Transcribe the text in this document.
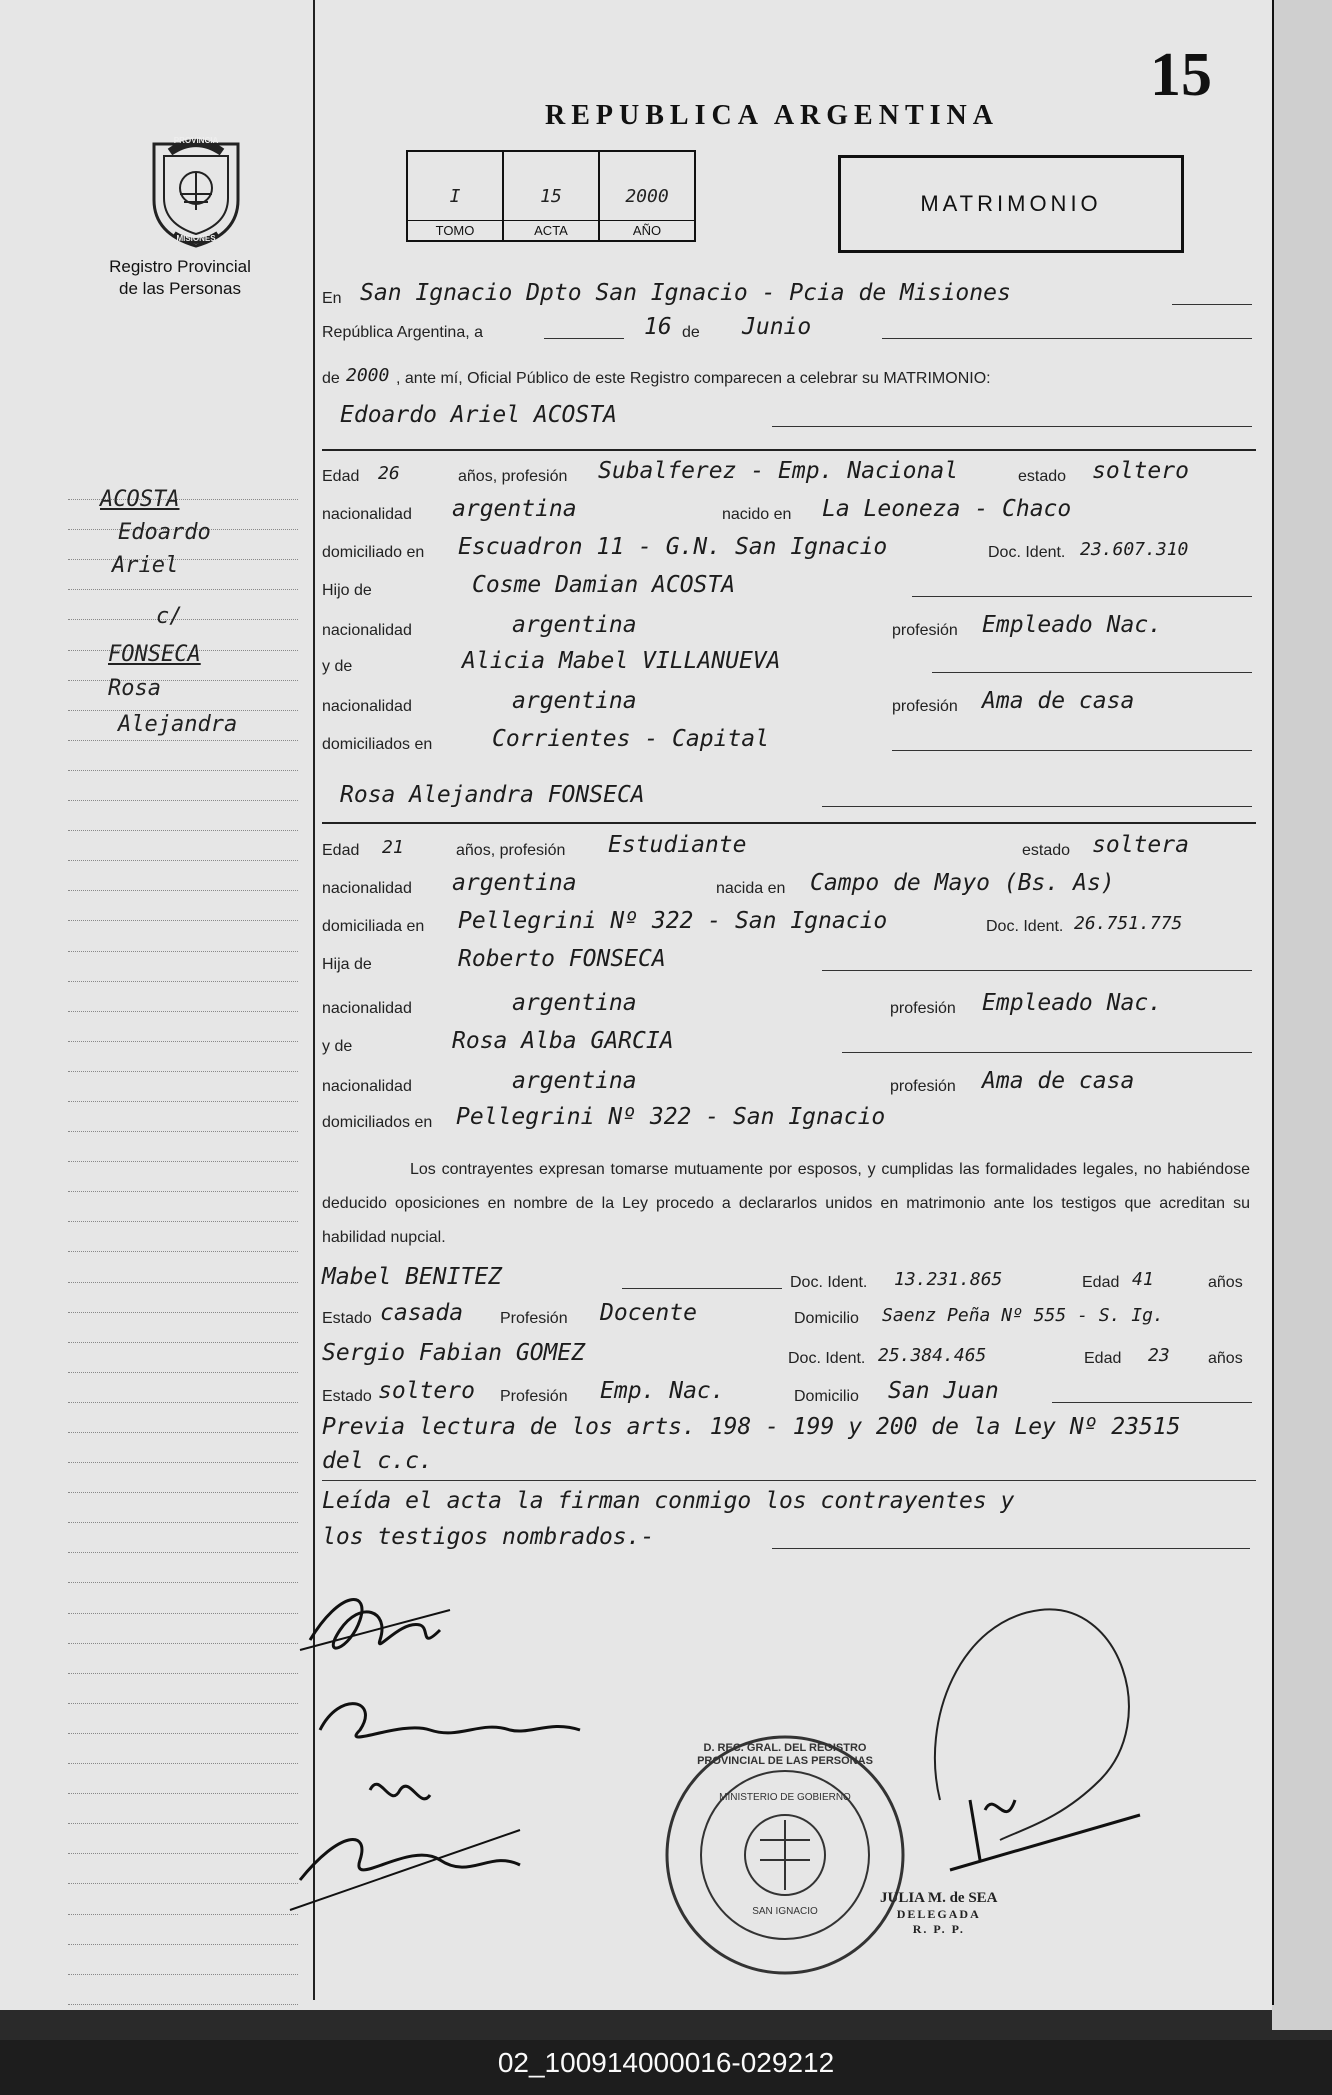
15
REPUBLICA ARGENTINA
I
TOMO
15
ACTA
2000
AÑO
MATRIMONIO
PROVINCIA
MISIONES
Registro Provincial
de las Personas
ACOSTA
Edoardo
Ariel
c/
FONSECA
Rosa
Alejandra
En San Ignacio Dpto San Ignacio - Pcia de Misiones
República Argentina, a	16 de Junio
de 2000 , ante mí, Oficial Público de este Registro comparecen a celebrar su MATRIMONIO:
Edoardo Ariel ACOSTA
Edad 26	años, profesión Subalferez - Emp. Nacional	estado soltero
nacionalidad argentina	nacido en La Leoneza - Chaco
domiciliado en Escuadron 11 - G.N. San Ignacio	Doc. Ident. 23.607.310
Hijo de	Cosme Damian ACOSTA
nacionalidad	argentina	profesión Empleado Nac.
y de	Alicia Mabel VILLANUEVA
nacionalidad	argentina	profesión Ama de casa
domiciliados en	Corrientes - Capital
Rosa Alejandra FONSECA
Edad 21	años, profesión Estudiante	estado soltera
nacionalidad argentina	nacida en Campo de Mayo (Bs. As)
domiciliada en Pellegrini Nº 322 - San Ignacio	Doc. Ident. 26.751.775
Hija de	Roberto FONSECA
nacionalidad	argentina	profesión Empleado Nac.
y de	Rosa Alba GARCIA
nacionalidad	argentina	profesión Ama de casa
domiciliados en Pellegrini Nº 322 - San Ignacio
Los contrayentes expresan tomarse mutuamente por esposos, y cumplidas las formalidades legales, no habiéndose deducido oposiciones en nombre de la Ley procedo a declararlos unidos en matrimonio ante los testigos que acreditan su habilidad nupcial.
Mabel BENITEZ	Doc. Ident. 13.231.865	Edad 41	años
Estado casada Profesión Docente	Domicilio Saenz Peña Nº 555 - S. Ig.
Sergio Fabian GOMEZ	Doc. Ident. 25.384.465	Edad 23 años
Estado soltero Profesión Emp. Nac.	Domicilio San Juan
Previa lectura de los arts. 198 - 199 y 200 de la Ley Nº 23515
del c.c.
Leída el acta la firman conmigo los contrayentes y
los testigos nombrados.-
D. REC. GRAL. DEL REGISTRO PROVINCIAL DE LAS PERSONAS
MINISTERIO DE GOBIERNO
SAN IGNACIO
JULIA M. de SEA
DELEGADA
R. P. P.
02_100914000016-029212
